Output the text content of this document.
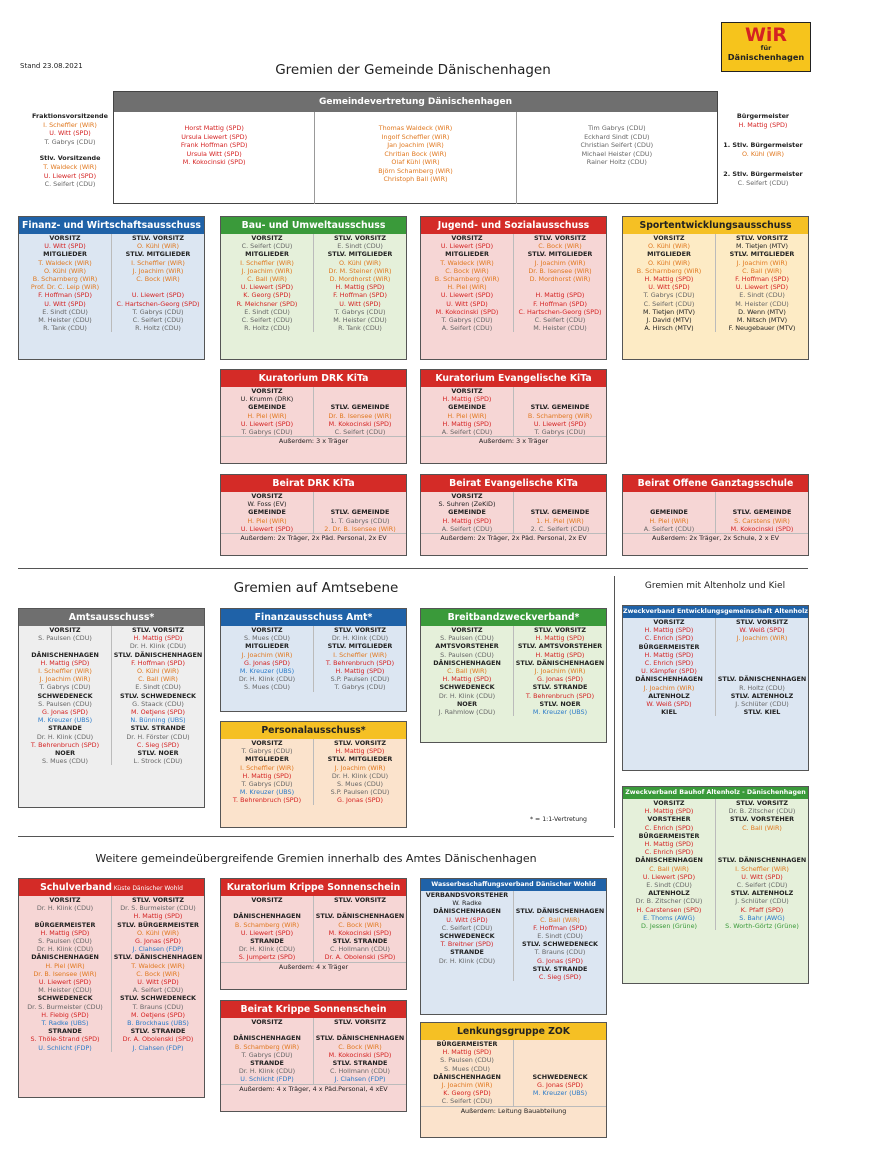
Stand 23.08.2021	Gremien der Gemeinde Dänischenhagen
WiR
für
Dänischenhagen
Fraktionsvorsitzende
I. Scheffler (WiR)
U. Witt (SPD)
T. Gabrys (CDU)
Stlv. Vorsitzende
T. Waldeck (WiR)
U. Liewert (SPD)
C. Seifert (CDU)
Bürgermeister
H. Mattig (SPD)
1. Stlv. Bürgermeister
O. Kühl (WiR)
2. Stlv. Bürgermeister
C. Seifert (CDU)
Gemeindevertretung Dänischenhagen
Horst Mattig (SPD)
Ursula Liewert (SPD)
Frank Hoffman (SPD)
Ursula Witt (SPD)
M. Kokocinski (SPD)
Thomas Waldeck (WiR)
Ingolf Scheffler (WiR)
Jan Joachim (WiR)
Chritian Bock (WiR)
Olaf Kühl (WiR)
Björn Schamberg (WiR)
Christoph Ball (WiR)
Tim Gabrys (CDU)
Eckhard Sindt (CDU)
Christian Seifert (CDU)
Michael Heister (CDU)
Rainer Holtz (CDU)
Finanz- und Wirtschaftsausschuss
VORSITZ
U. Witt (SPD)
MITGLIEDER
T. Waldeck (WiR)
O. Kühl (WiR)
B. Scharnberg (WiR)
Prof. Dr. C. Leip (WiR)
F. Hoffman (SPD)
U. Witt (SPD)
E. Sindt (CDU)
M. Heister (CDU)
R. Tank (CDU)
STLV. VORSITZ
O. Kühl (WiR)
STLV. MITGLIEDER
I. Scheffler (WiR)
J. Joachim (WiR)
C. Bock (WiR)

U. Liewert (SPD)
C. Hartschen-Georg (SPD)
T. Gabrys (CDU)
C. Seifert (CDU)
R. Holtz (CDU)
Bau- und Umweltausschuss
VORSITZ
C. Seifert (CDU)
MITGLIEDER
I. Scheffler (WiR)
J. Joachim (WiR)
C. Ball (WiR)
U. Liewert (SPD)
K. Georg (SPD)
R. Meichsner (SPD)
E. Sindt (CDU)
C. Seifert (CDU)
R. Holtz (CDU)
STLV. VORSITZ
E. Sindt (CDU)
STLV. MITGLIEDER
O. Kühl (WiR)
Dr. M. Steiner (WiR)
D. Mordhorst (WiR)
H. Mattig (SPD)
F. Hoffman (SPD)
U. Witt (SPD)
T. Gabrys (CDU)
M. Heister (CDU)
R. Tank (CDU)
Jugend- und Sozialausschuss
VORSITZ
U. Liewert (SPD)
MITGLIEDER
T. Waldeck (WiR)
C. Bock (WiR)
B. Scharnberg (WiR)
H. Piel (WiR)
U. Liewert (SPD)
U. Witt (SPD)
M. Kokocinski (SPD)
T. Gabrys (CDU)
A. Seifert (CDU)
STLV. VORSITZ
C. Bock (WiR)
STLV. MITGLIEDER
J. Joachim (WiR)
Dr. B. Isensee (WiR)
D. Mordhorst (WiR)

H. Mattig (SPD)
F. Hoffman (SPD)
C. Hartschen-Georg (SPD)
C. Seifert (CDU)
M. Heister (CDU)
Sportentwicklungsausschuss
VORSITZ
O. Kühl (WiR)
MITGLIEDER
O. Kühl (WiR)
B. Scharnberg (WiR)
H. Mattig (SPD)
U. Witt (SPD)
T. Gabrys (CDU)
C. Seifert (CDU)
M. Tietjen (MTV)
J. David (MTV)
A. Hirsch (MTV)
STLV. VORSITZ
M. Tietjen (MTV)
STLV. MITGLIEDER
J. Joachim (WiR)
C. Ball (WiR)
F. Hoffman (SPD)
U. Liewert (SPD)
E. Sindt (CDU)
M. Heister (CDU)
D. Wenn (MTV)
M. Nitsch (MTV)
F. Neugebauer (MTV)
Kuratorium DRK KiTa
VORSITZ
U. Krumm (DRK)
GEMEINDE
H. Piel (WiR)
U. Liewert (SPD)
T. Gabrys (CDU)

STLV. GEMEINDE
Dr. B. Isensee (WiR)
M. Kokocinski (SPD)
C. Seifert (CDU)
Außerdem: 3 x Träger
Kuratorium Evangelische KiTa
VORSITZ
H. Mattig (SPD)
GEMEINDE
H. Piel (WiR)
H. Mattig (SPD)
A. Seifert (CDU)

STLV. GEMEINDE
B. Schamberg (WiR)
U. Liewert (SPD)
T. Gabrys (CDU)
Außerdem: 3 x Träger
Beirat DRK KiTa
VORSITZ
W. Foss (EV)
GEMEINDE
H. Piel (WiR)
U. Liewert (SPD)

STLV. GEMEINDE
1. T. Gabrys (CDU)
2. Dr. B. Isensee (WiR)
Außerdem: 2x Träger, 2x Päd. Personal, 2x EV
Beirat Evangelische KiTa
VORSITZ
S. Suhren (ZeKiD)
GEMEINDE
H. Mattig (SPD)
A. Seifert (CDU)

STLV. GEMEINDE
1. H. Piel (WiR)
2. C. Seifert (CDU)
Außerdem: 2x Träger, 2x Päd. Personal, 2x EV
Beirat Offene Ganztagsschule

GEMEINDE
H. Piel (WiR)
A. Seifert (CDU)

STLV. GEMEINDE
S. Carstens (WiR)
M. Kokocinski (SPD)
Außerdem: 2x Träger, 2x Schule, 2 x EV
Gremien auf Amtsebene	Gremien mit Altenholz und Kiel
Amtsausschuss*
VORSITZ
S. Paulsen (CDU)

DÄNISCHENHAGEN
H. Mattig (SPD)
I. Scheffler (WiR)
J. Joachim (WiR)
T. Gabrys (CDU)
SCHWEDENECK
S. Paulsen (CDU)
G. Jonas (SPD)
M. Kreuzer (UBS)
STRANDE
Dr. H. Klink (CDU)
T. Behrenbruch (SPD)
NOER
S. Mues (CDU)
STLV. VORSITZ
H. Mattig (SPD)
Dr. H. Klink (CDU)
STLV. DÄNISCHENHAGEN
F. Hoffman (SPD)
O. Kühl (WiR)
C. Ball (WiR)
E. Sindt (CDU)
STLV. SCHWEDENECK
G. Staack (CDU)
M. Oetjens (SPD)
N. Bünning (UBS)
STLV. STRANDE
Dr. H. Förster (CDU)
C. Sieg (SPD)
STLV. NOER
L. Strock (CDU)
Finanzausschuss Amt*
VORSITZ
S. Mues (CDU)
MITGLIEDER
J. Joachim (WiR)
G. Jonas (SPD)
M. Kreuzer (UBS)
Dr. H. Klink (CDU)
S. Mues (CDU)
STLV. VORSITZ
Dr. H. Klink (CDU)
STLV. MITGLIEDER
I. Scheffler (WiR)
T. Behrenbruch (SPD)
H. Mattig (SPD)
S.P. Paulsen (CDU)
T. Gabrys (CDU)
Personalausschuss*
VORSITZ
T. Gabrys (CDU)
MITGLIEDER
I. Scheffler (WiR)
H. Mattig (SPD)
T. Gabrys (CDU)
M. Kreuzer (UBS)
T. Behrenbruch (SPD)
STLV. VORSITZ
H. Mattig (SPD)
STLV. MITGLIEDER
J. Joachim (WiR)
Dr. H. Klink (CDU)
S. Mues (CDU)
S.P. Paulsen (CDU)
G. Jonas (SPD)
Breitbandzweckverband*
VORSITZ
S. Paulsen (CDU)
AMTSVORSTEHER
S. Paulsen (CDU)
DÄNISCHENHAGEN
C. Ball (WiR)
H. Mattig (SPD)
SCHWEDENECK
Dr. H. Klink (CDU)
NOER
J. Rahmlow (CDU)
STLV. VORSITZ
H. Mattig (SPD)
STLV. AMTSVORSTEHER
H. Mattig (SPD)
STLV. DÄNISCHENHAGEN
J. Joachim (WiR)
G. Jonas (SPD)
STLV. STRANDE
T. Behrenbruch (SPD)
STLV. NOER
M. Kreuzer (UBS)
* = 1:1-Vertretung
Zweckverband Entwicklungsgemeinschaft Altenholz - Dänischenhagen - Kiel
VORSITZ
H. Mattig (SPD)
C. Ehrich (SPD)
BÜRGERMEISTER
H. Mattig (SPD)
C. Ehrich (SPD)
U. Kämpfer (SPD)
DÄNISCHENHAGEN
J. Joachim (WiR)
ALTENHOLZ
W. Weiß (SPD)
KIEL
STLV. VORSITZ
W. Weiß (SPD)
J. Joachim (WiR)

STLV. DÄNISCHENHAGEN
R. Holtz (CDU)
STLV. ALTENHOLZ
J. Schlüter (CDU)
STLV. KIEL
Zweckverband Bauhof Altenholz - Dänischenhagen
VORSITZ
H. Mattig (SPD)
VORSTEHER
C. Ehrich (SPD)
BÜRGERMEISTER
H. Mattig (SPD)
C. Ehrich (SPD)
DÄNISCHENHAGEN
C. Ball (WiR)
U. Liewert (SPD)
E. Sindt (CDU)
ALTENHOLZ
Dr. B. Zitscher (CDU)
H. Carstensen (SPD)
E. Thoms (AWG)
D. Jessen (Grüne)
STLV. VORSITZ
Dr. B. Zitscher (CDU)
STLV. VORSTEHER
C. Ball (WiR)

STLV. DÄNISCHENHAGEN
I. Scheffler (WiR)
U. Witt (SPD)
C. Seifert (CDU)
STLV. ALTENHOLZ
J. Schlüter (CDU)
K. Pfaff (SPD)
S. Bahr (AWG)
S. Worth-Görtz (Grüne)
Weitere gemeindeübergreifende Gremien innerhalb des Amtes Dänischenhagen
Schulverband Küste Dänischer Wohld
VORSITZ
Dr. H. Klink (CDU)

BÜRGERMEISTER
H. Mattig (SPD)
S. Paulsen (CDU)
Dr. H. Klink (CDU)
DÄNISCHENHAGEN
H. Piel (WiR)
Dr. B. Isensee (WiR)
U. Liewert (SPD)
M. Heister (CDU)
SCHWEDENECK
Dr. S. Burmeister (CDU)
H. Fiebig (SPD)
T. Radke (UBS)
STRANDE
S. Thöle-Strand (SPD)
U. Schlicht (FDP)
STLV. VORSITZ
Dr. S. Burmeister (CDU)
H. Mattig (SPD)
STLV. BÜRGERMEISTER
O. Kühl (WiR)
G. Jonas (SPD)
J. Clahsen (FDP)
STLV. DÄNISCHENHAGEN
T. Waldeck (WiR)
C. Bock (WiR)
U. Witt (SPD)
A. Seifert (CDU)
STLV. SCHWEDENECK
T. Brauns (CDU)
M. Oetjens (SPD)
B. Brockhaus (UBS)
STLV. STRANDE
Dr. A. Obolenski (SPD)
J. Clahsen (FDP)
Kuratorium Krippe Sonnenschein
VORSITZ

DÄNISCHENHAGEN
B. Schamberg (WiR)
U. Liewert (SPD)
STRANDE
Dr. H. Klink (CDU)
S. Jumpertz (SPD)
STLV. VORSITZ

STLV. DÄNISCHENHAGEN
C. Bock (WiR)
M. Kokocinski (SPD)
STLV. STRANDE
C. Hollmann (CDU)
Dr. A. Obolenski (SPD)
Außerdem: 4 x Träger
Beirat Krippe Sonnenschein
VORSITZ

DÄNISCHENHAGEN
B. Schamberg (WiR)
T. Gabrys (CDU)
STRANDE
Dr. H. Klink (CDU)
U. Schlicht (FDP)
STLV. VORSITZ

STLV. DÄNISCHENHAGEN
C. Bock (WiR)
M. Kokocinski (SPD)
STLV. STRANDE
C. Hollmann (CDU)
J. Clahsen (FDP)
Außerdem: 4 x Träger, 4 x Päd.Personal, 4 xEV
Wasserbeschaffungsverband Dänischer Wohld
VERBANDSVORSTEHER
W. Radke
DÄNISCHENHAGEN
U. Witt (SPD)
C. Seifert (CDU)
SCHWEDENECK
T. Breitner (SPD)
STRANDE
Dr. H. Klink (CDU)

STLV. DÄNISCHENHAGEN
C. Ball (WiR)
F. Hoffman (SPD)
E. Sindt (CDU)
STLV. SCHWEDENECK
T. Brauns (CDU)
G. Jonas (SPD)
STLV. STRANDE
C. Sieg (SPD)
Lenkungsgruppe ZOK
BÜRGERMEISTER
H. Mattig (SPD)
S. Paulsen (CDU)
S. Mues (CDU)
DÄNISCHENHAGEN
J. Joachim (WiR)
K. Georg (SPD)
C. Seifert (CDU)

SCHWEDENECK
G. Jonas (SPD)
M. Kreuzer (UBS)

Außerdem: Leitung Bauabteilung
